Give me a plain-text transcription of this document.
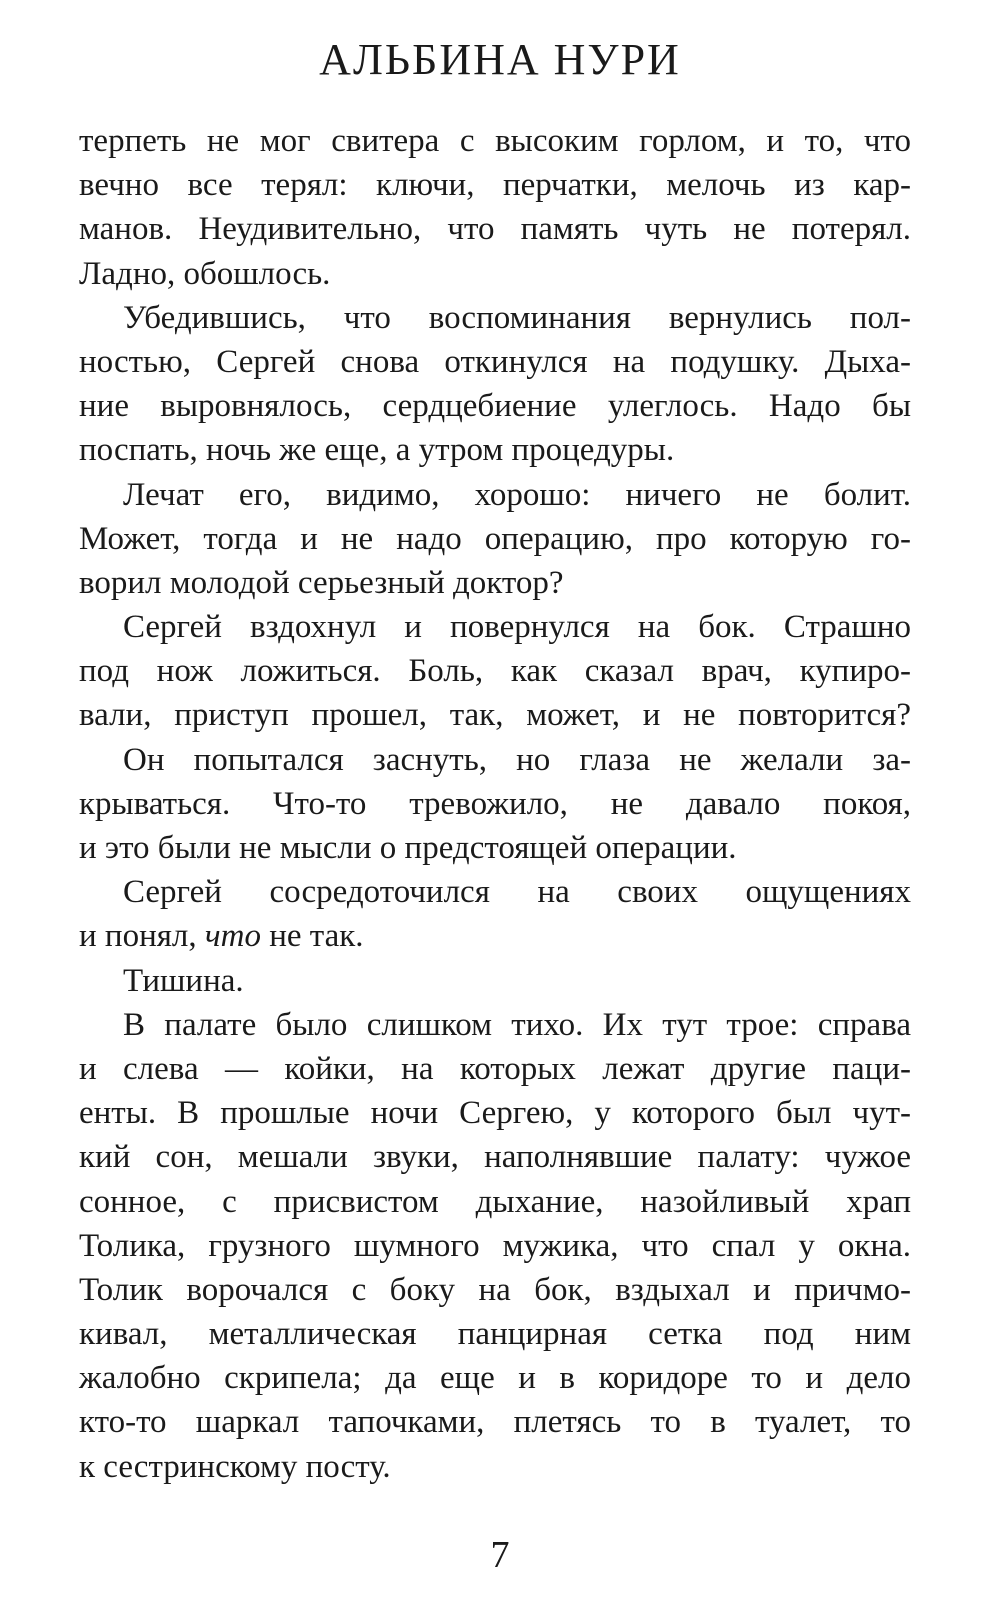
АЛЬБИНА НУРИ
терпеть не мог свитера с высоким горлом, и то, что
вечно все терял: ключи, перчатки, мелочь из кар-
манов. Неудивительно, что память чуть не потерял.
Ладно, обошлось.
Убедившись, что воспоминания вернулись пол-
ностью, Сергей снова откинулся на подушку. Дыха-
ние выровнялось, сердцебиение улеглось. Надо бы
поспать, ночь же еще, а утром процедуры.
Лечат его, видимо, хорошо: ничего не болит.
Может, тогда и не надо операцию, про которую го-
ворил молодой серьезный доктор?
Сергей вздохнул и повернулся на бок. Страшно
под нож ложиться. Боль, как сказал врач, купиро-
вали, приступ прошел, так, может, и не повторится?
Он попытался заснуть, но глаза не желали за-
крываться. Что-то тревожило, не давало покоя,
и это были не мысли о предстоящей операции.
Сергей сосредоточился на своих ощущениях
и понял, что не так.
Тишина.
В палате было слишком тихо. Их тут трое: справа
и слева — койки, на которых лежат другие паци-
енты. В прошлые ночи Сергею, у которого был чут-
кий сон, мешали звуки, наполнявшие палату: чужое
сонное, с присвистом дыхание, назойливый храп
Толика, грузного шумного мужика, что спал у окна.
Толик ворочался с боку на бок, вздыхал и причмо-
кивал, металлическая панцирная сетка под ним
жалобно скрипела; да еще и в коридоре то и дело
кто-то шаркал тапочками, плетясь то в туалет, то
к сестринскому посту.
7
